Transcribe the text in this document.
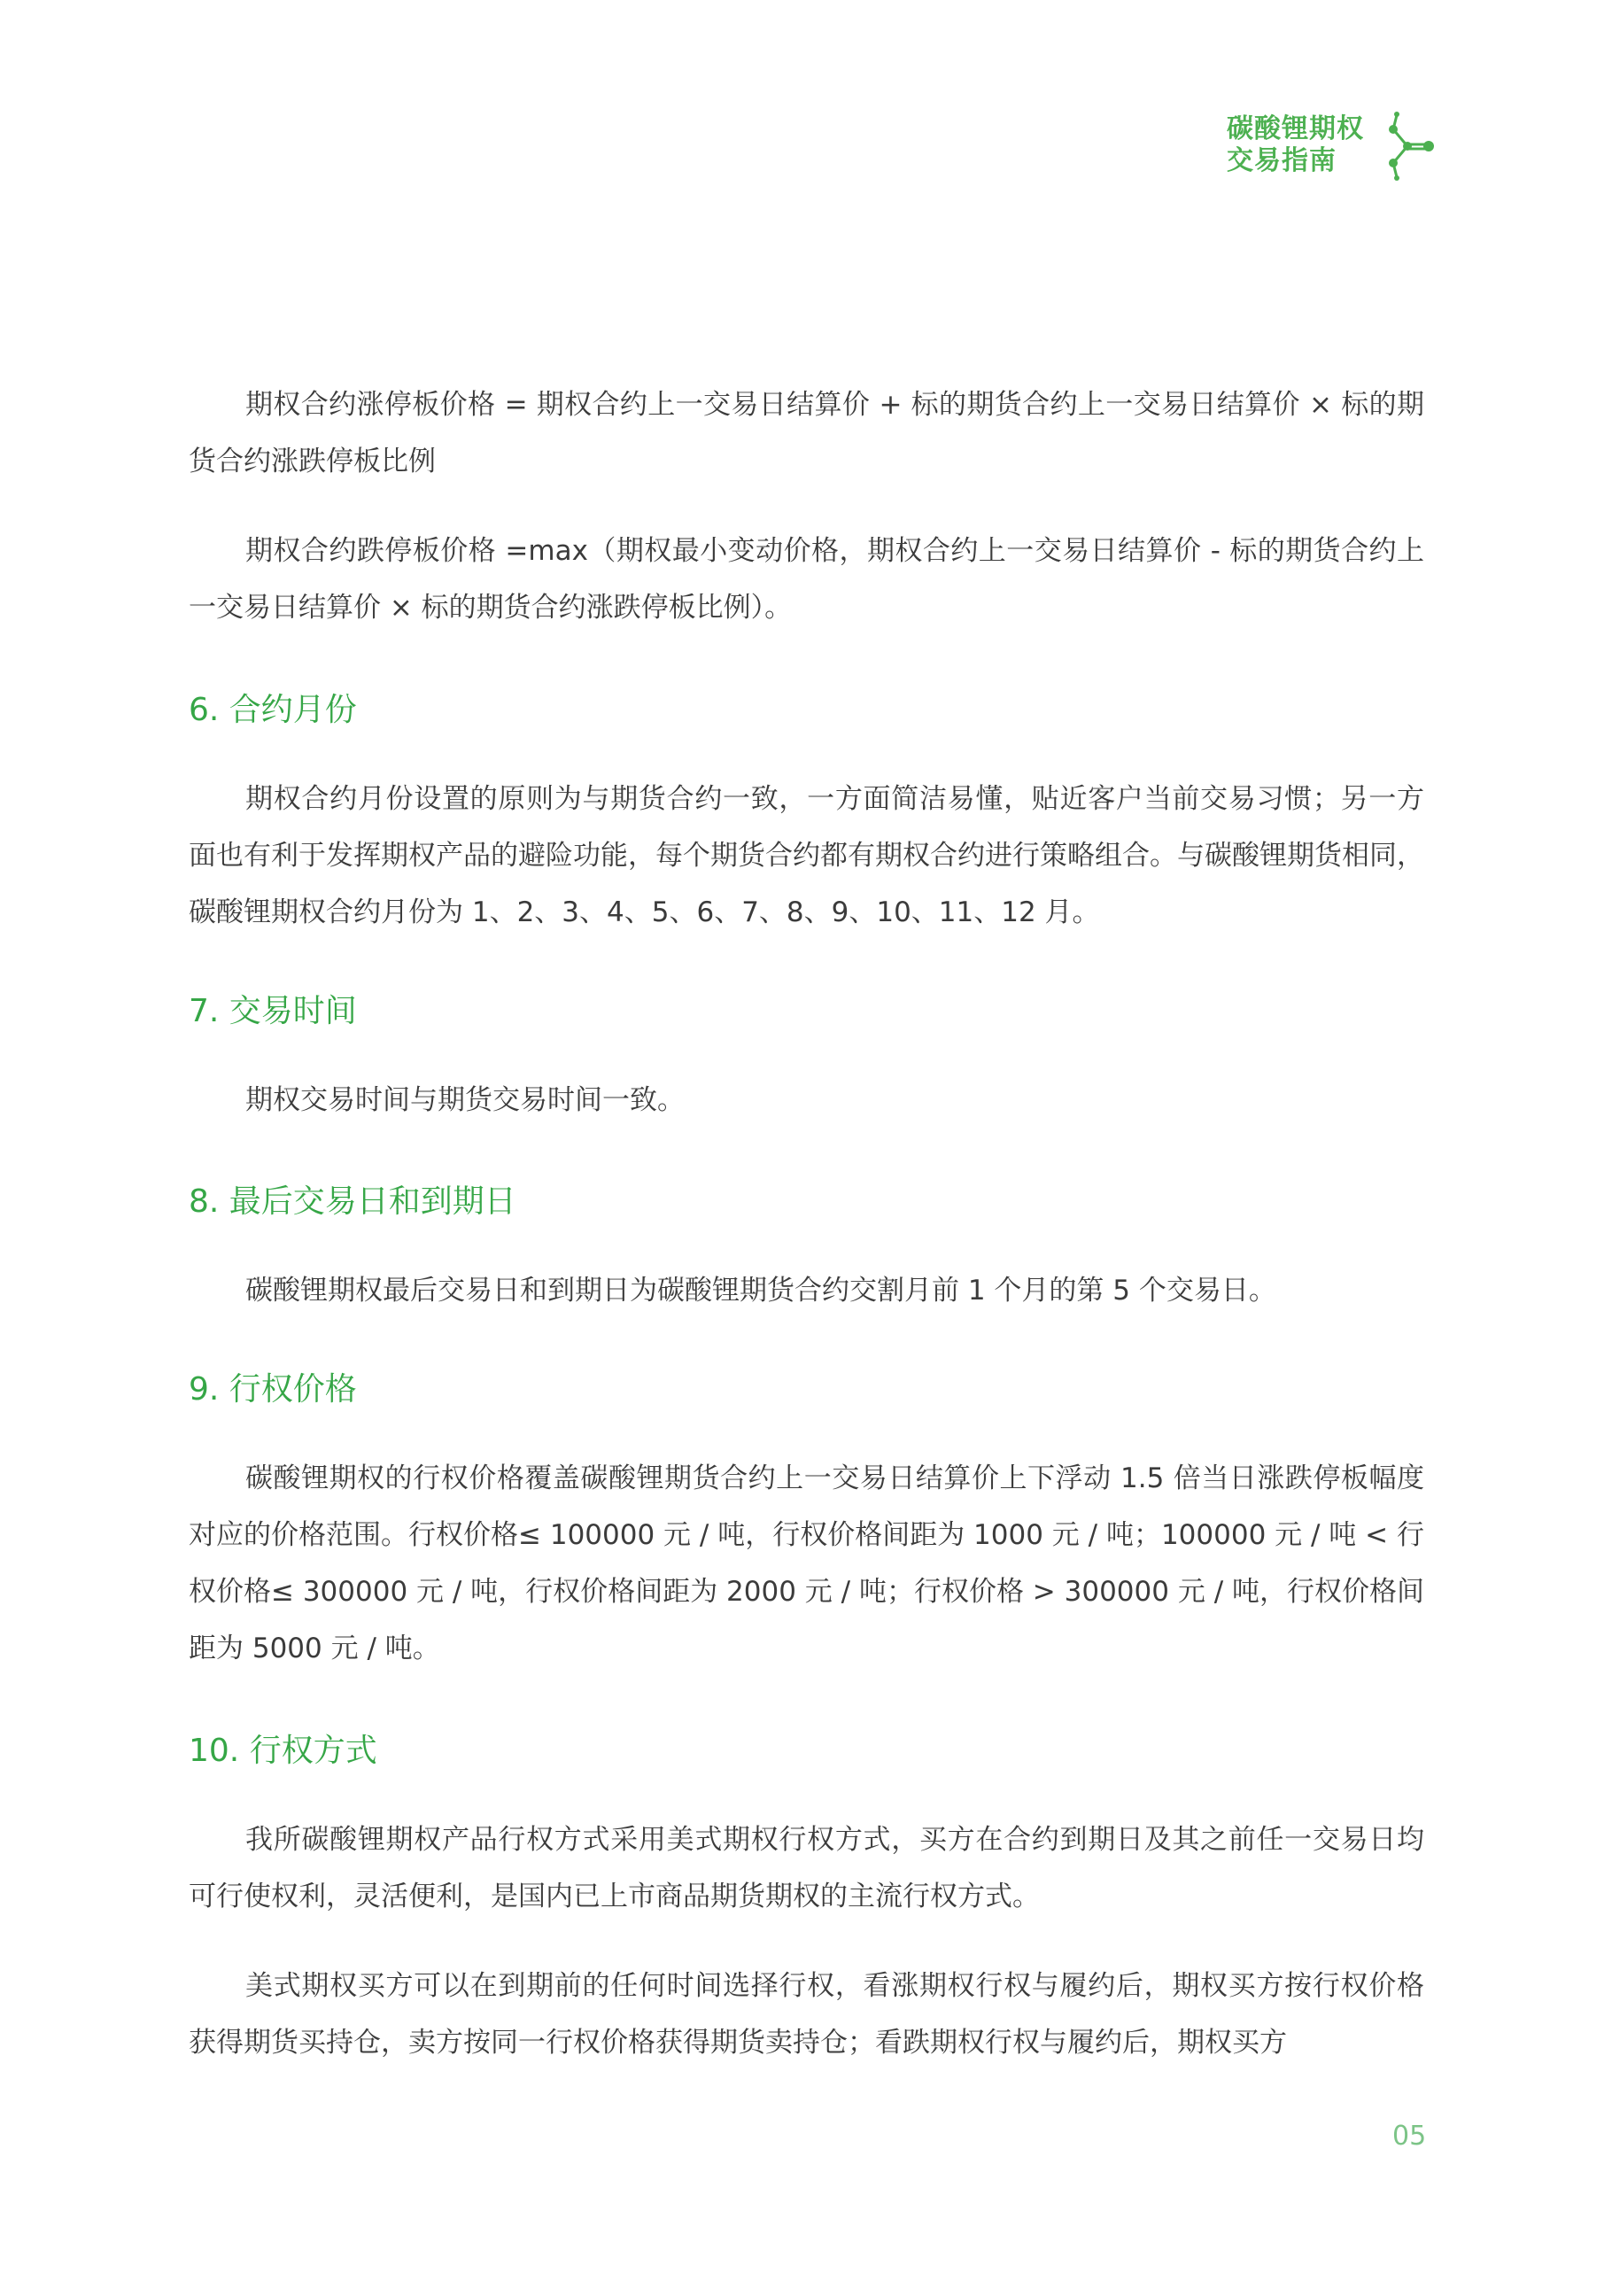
碳酸锂期权
交易指南

期权合约涨停板价格 = 期权合约上一交易日结算价 + 标的期货合约上一交易日结算价 × 标的期货合约涨跌停板比例

期权合约跌停板价格 =max（期权最小变动价格，期权合约上一交易日结算价 - 标的期货合约上一交易日结算价 × 标的期货合约涨跌停板比例）。

6. 合约月份

期权合约月份设置的原则为与期货合约一致，一方面简洁易懂，贴近客户当前交易习惯；另一方面也有利于发挥期权产品的避险功能，每个期货合约都有期权合约进行策略组合。与碳酸锂期货相同，碳酸锂期权合约月份为 1、2、3、4、5、6、7、8、9、10、11、12 月。

7. 交易时间

期权交易时间与期货交易时间一致。

8. 最后交易日和到期日

碳酸锂期权最后交易日和到期日为碳酸锂期货合约交割月前 1 个月的第 5 个交易日。

9. 行权价格

碳酸锂期权的行权价格覆盖碳酸锂期货合约上一交易日结算价上下浮动 1.5 倍当日涨跌停板幅度对应的价格范围。行权价格≤ 100000 元 / 吨，行权价格间距为 1000 元 / 吨；100000 元 / 吨 < 行权价格≤ 300000 元 / 吨，行权价格间距为 2000 元 / 吨；行权价格 > 300000 元 / 吨，行权价格间距为 5000 元 / 吨。

10. 行权方式

我所碳酸锂期权产品行权方式采用美式期权行权方式，买方在合约到期日及其之前任一交易日均可行使权利，灵活便利，是国内已上市商品期货期权的主流行权方式。

美式期权买方可以在到期前的任何时间选择行权，看涨期权行权与履约后，期权买方按行权价格获得期货买持仓，卖方按同一行权价格获得期货卖持仓；看跌期权行权与履约后，期权买方

05
